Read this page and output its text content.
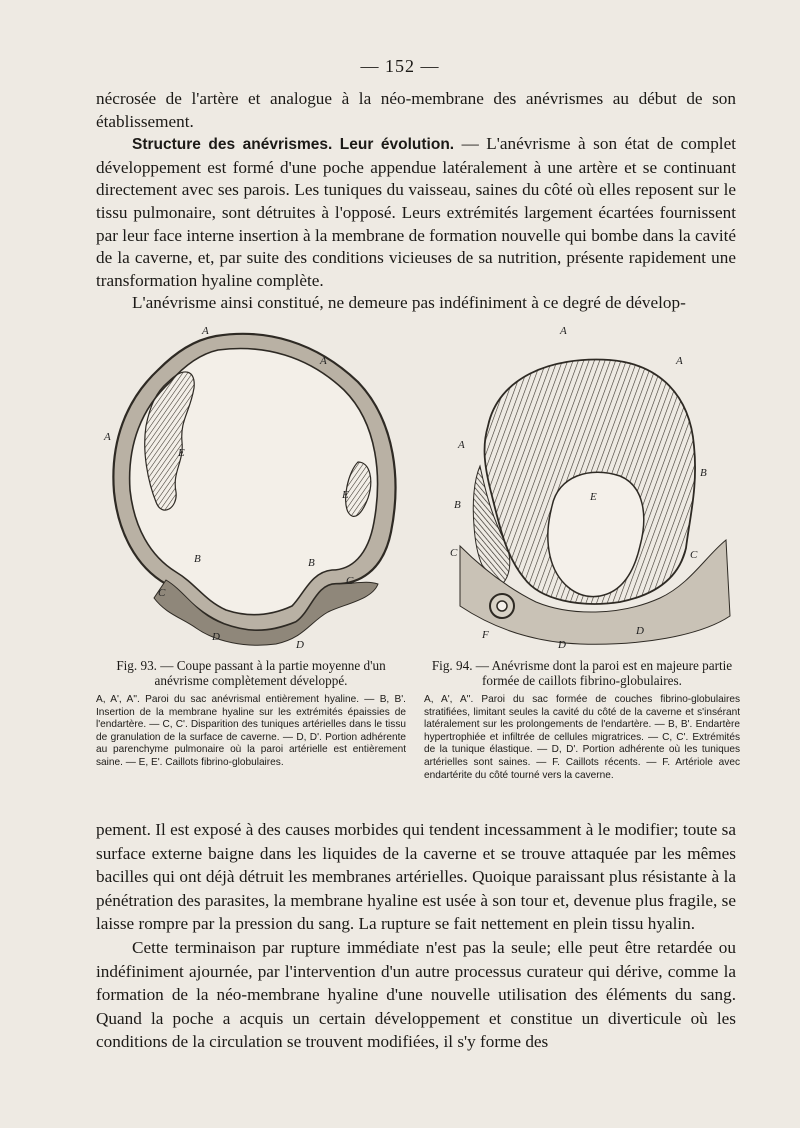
— 152 —

nécrosée de l'artère et analogue à la néo-membrane des anévrismes au début de son établissement.

Structure des anévrismes. Leur évolution. — L'anévrisme à son état de complet développement est formé d'une poche appendue latéralement à une artère et se continuant directement avec ses parois. Les tuniques du vaisseau, saines du côté où elles reposent sur le tissu pulmonaire, sont détruites à l'opposé. Leurs extrémités largement écartées fournissent par leur face interne insertion à la membrane de formation nouvelle qui bombe dans la cavité de la caverne, et, par suite des conditions vicieuses de sa nutrition, présente rapidement une transformation hyaline complète.

L'anévrisme ainsi constitué, ne demeure pas indéfiniment à ce degré de dévelop-

A
A
A
E
E
B	B
C
C
D
D
A
A
A
B
B
C	C
E
F
D
D
Fig. 93. — Coupe passant à la partie moyenne d'un anévrisme complètement développé.
A, A', A''. Paroi du sac anévrismal entièrement hyaline. — B, B'. Insertion de la membrane hyaline sur les extrémités épaissies de l'endartère. — C, C'. Disparition des tuniques artérielles dans le tissu de granulation de la surface de caverne. — D, D'. Portion adhérente au parenchyme pulmonaire où la paroi artérielle est entièrement saine. — E, E'. Caillots fibrino-globulaires.
Fig. 94. — Anévrisme dont la paroi est en majeure partie formée de caillots fibrino-globulaires.
A, A', A''. Paroi du sac formée de couches fibrino-globulaires stratifiées, limitant seules la cavité du côté de la caverne et s'insérant latéralement sur les prolongements de l'endartère. — B, B'. Endartère hypertrophiée et infiltrée de cellules migratrices. — C, C'. Extrémités de la tunique élastique. — D, D'. Portion adhérente où les tuniques artérielles sont saines. — F. Caillots récents. — F. Artériole avec endartérite du côté tourné vers la caverne.

pement. Il est exposé à des causes morbides qui tendent incessamment à le modifier; toute sa surface externe baigne dans les liquides de la caverne et se trouve attaquée par les mêmes bacilles qui ont déjà détruit les membranes artérielles. Quoique paraissant plus résistante à la pénétration des parasites, la membrane hyaline est usée à son tour et, devenue plus fragile, se laisse rompre par la pression du sang. La rupture se fait nettement en plein tissu hyalin.

Cette terminaison par rupture immédiate n'est pas la seule; elle peut être retardée ou indéfiniment ajournée, par l'intervention d'un autre processus curateur qui dérive, comme la formation de la néo-membrane hyaline d'une nouvelle utilisation des éléments du sang. Quand la poche a acquis un certain développement et constitue un diverticule où les conditions de la circulation se trouvent modifiées, il s'y forme des
